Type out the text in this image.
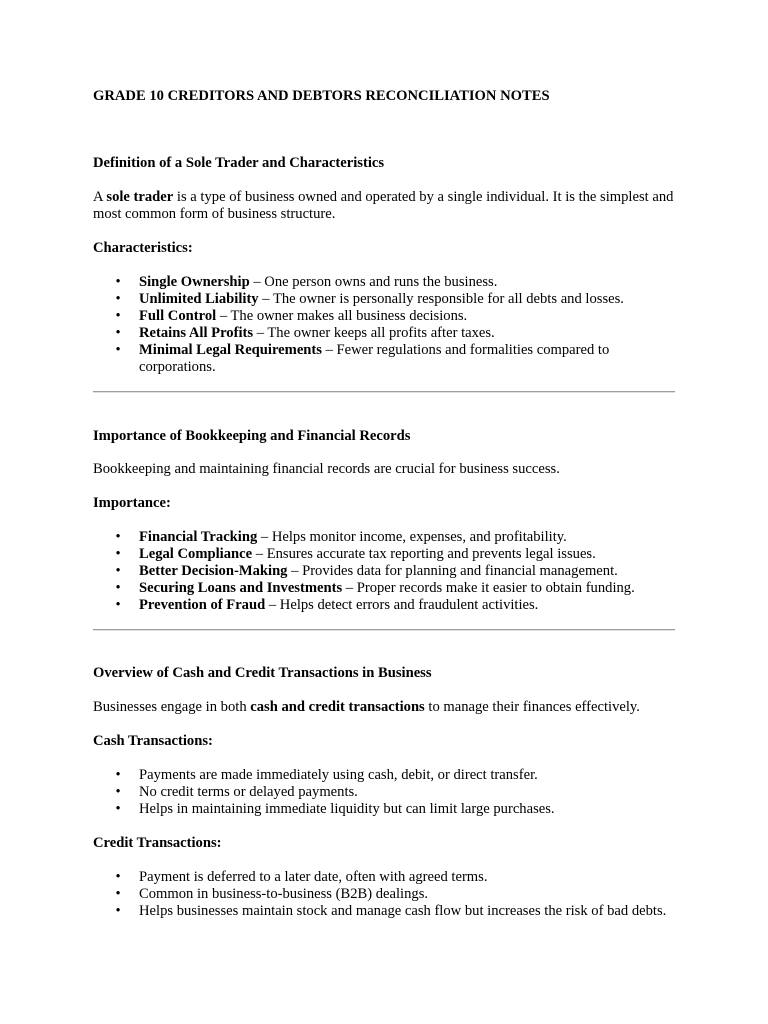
GRADE 10 CREDITORS AND DEBTORS RECONCILIATION NOTES
Definition of a Sole Trader and Characteristics

A sole trader is a type of business owned and operated by a single individual. It is the simplest and most common form of business structure.

Characteristics:
• Single Ownership – One person owns and runs the business.
• Unlimited Liability – The owner is personally responsible for all debts and losses.
• Full Control – The owner makes all business decisions.
• Retains All Profits – The owner keeps all profits after taxes.
• Minimal Legal Requirements – Fewer regulations and formalities compared to corporations.
Importance of Bookkeeping and Financial Records

Bookkeeping and maintaining financial records are crucial for business success.

Importance:
• Financial Tracking – Helps monitor income, expenses, and profitability.
• Legal Compliance – Ensures accurate tax reporting and prevents legal issues.
• Better Decision-Making – Provides data for planning and financial management.
• Securing Loans and Investments – Proper records make it easier to obtain funding.
• Prevention of Fraud – Helps detect errors and fraudulent activities.
Overview of Cash and Credit Transactions in Business

Businesses engage in both cash and credit transactions to manage their finances effectively.

Cash Transactions:
• Payments are made immediately using cash, debit, or direct transfer.
• No credit terms or delayed payments.
• Helps in maintaining immediate liquidity but can limit large purchases.
Credit Transactions:
• Payment is deferred to a later date, often with agreed terms.
• Common in business-to-business (B2B) dealings.
• Helps businesses maintain stock and manage cash flow but increases the risk of bad debts.
